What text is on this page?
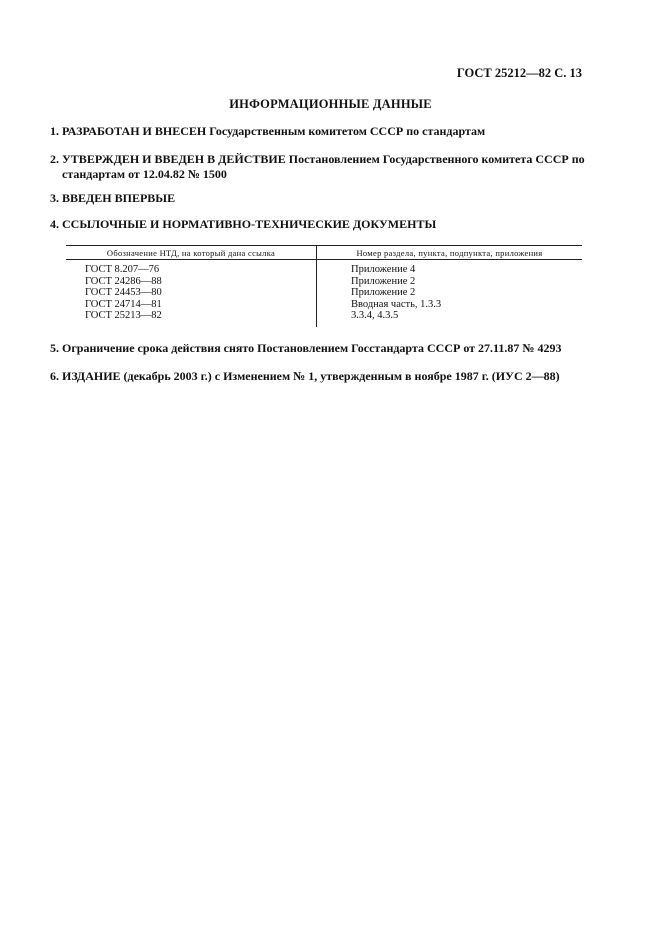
ГОСТ 25212—82 С. 13
ИНФОРМАЦИОННЫЕ ДАННЫЕ
1. РАЗРАБОТАН И ВНЕСЕН Государственным комитетом СССР по стандартам
2. УТВЕРЖДЕН И ВВЕДЕН В ДЕЙСТВИЕ Постановлением Государственного комитета СССР по
стандартам от 12.04.82 № 1500
3. ВВЕДЕН ВПЕРВЫЕ
4. ССЫЛОЧНЫЕ И НОРМАТИВНО-ТЕХНИЧЕСКИЕ ДОКУМЕНТЫ
Обозначение НТД, на который дана ссылка	Номер раздела, пункта, подпункта, приложения
ГОСТ 8.207—76
ГОСТ 24286—88
ГОСТ 24453—80
ГОСТ 24714—81
ГОСТ 25213—82
Приложение 4
Приложение 2
Приложение 2
Вводная часть, 1.3.3
3.3.4, 4.3.5
5. Ограничение срока действия снято Постановлением Госстандарта СССР от 27.11.87 № 4293
6. ИЗДАНИЕ (декабрь 2003 г.) с Изменением № 1, утвержденным в ноябре 1987 г. (ИУС 2—88)
